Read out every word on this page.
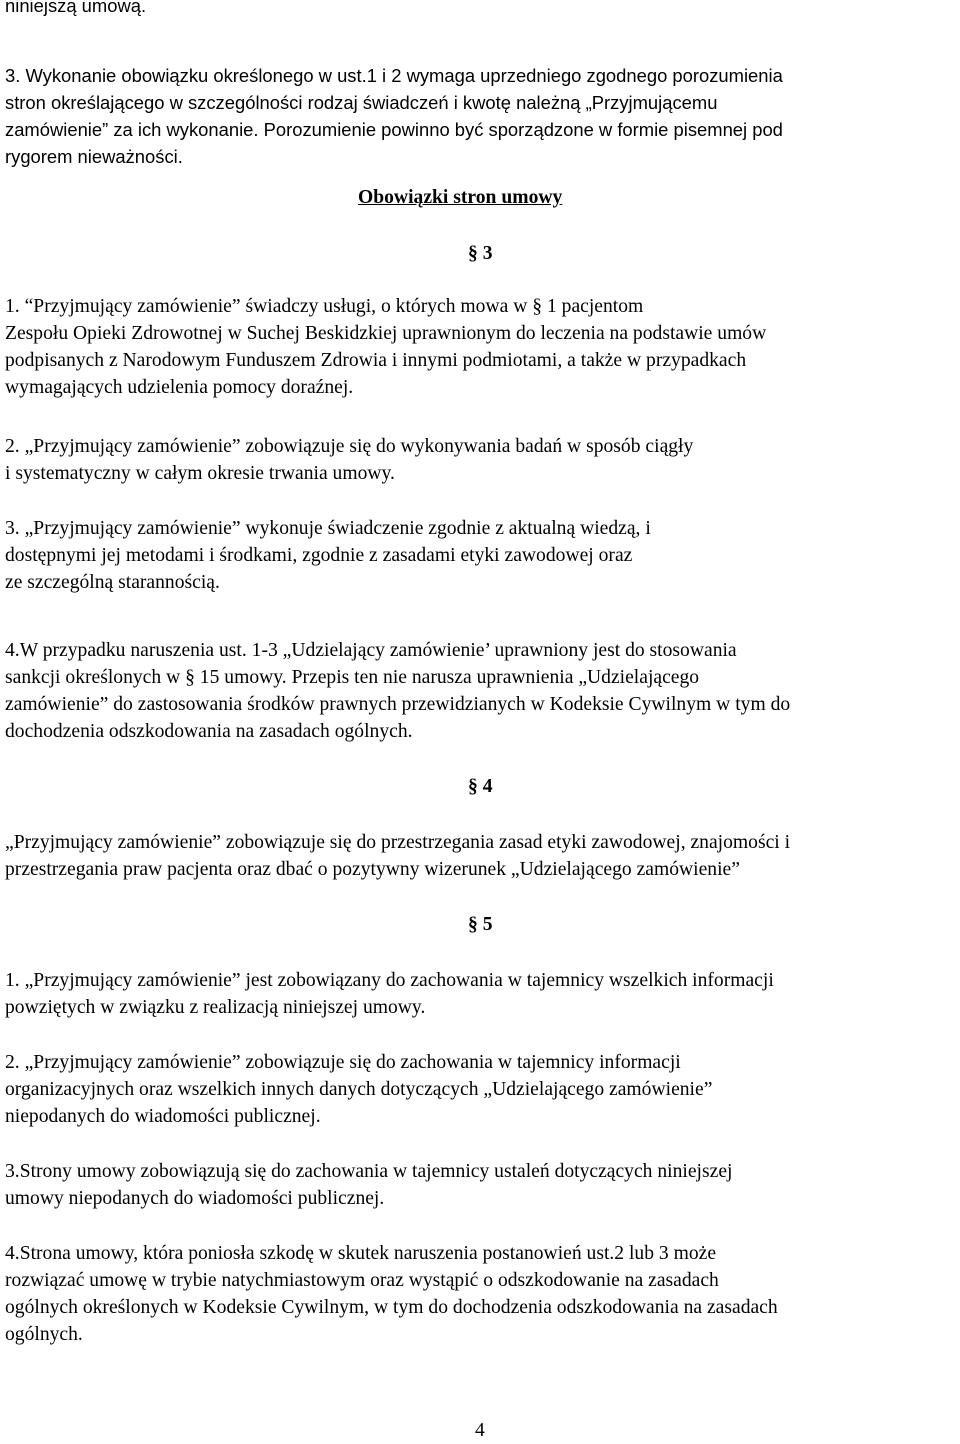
niniejszą umową.
3. Wykonanie obowiązku określonego w ust.1 i 2 wymaga uprzedniego zgodnego porozumienia
stron określającego w szczególności rodzaj świadczeń i kwotę należną „Przyjmującemu
zamówienie” za ich wykonanie. Porozumienie powinno być sporządzone w formie pisemnej pod
rygorem nieważności.
Obowiązki stron umowy
§ 3
1. “Przyjmujący zamówienie” świadczy usługi, o których mowa w § 1 pacjentom
Zespołu Opieki Zdrowotnej w Suchej Beskidzkiej uprawnionym do leczenia na podstawie umów
podpisanych z Narodowym Funduszem Zdrowia i innymi podmiotami, a także w przypadkach
wymagających udzielenia pomocy doraźnej.
2. „Przyjmujący zamówienie” zobowiązuje się do wykonywania badań w sposób ciągły
i systematyczny w całym okresie trwania umowy.
3. „Przyjmujący zamówienie” wykonuje świadczenie zgodnie z aktualną wiedzą, i
dostępnymi jej metodami i środkami, zgodnie z zasadami etyki zawodowej oraz
ze szczególną starannością.
4.W przypadku naruszenia ust. 1-3 „Udzielający zamówienie’ uprawniony jest do stosowania
sankcji określonych w § 15 umowy. Przepis ten nie narusza uprawnienia „Udzielającego
zamówienie” do zastosowania środków prawnych przewidzianych w Kodeksie Cywilnym w tym do
dochodzenia odszkodowania na zasadach ogólnych.
§ 4
„Przyjmujący zamówienie” zobowiązuje się do przestrzegania zasad etyki zawodowej, znajomości i
przestrzegania praw pacjenta oraz dbać o pozytywny wizerunek „Udzielającego zamówienie”
§ 5
1. „Przyjmujący zamówienie” jest zobowiązany do zachowania w tajemnicy wszelkich informacji
powziętych w związku z realizacją niniejszej umowy.
2. „Przyjmujący zamówienie” zobowiązuje się do zachowania w tajemnicy informacji
organizacyjnych oraz wszelkich innych danych dotyczących „Udzielającego zamówienie”
niepodanych do wiadomości publicznej.
3.Strony umowy zobowiązują się do zachowania w tajemnicy ustaleń dotyczących niniejszej
umowy niepodanych do wiadomości publicznej.
4.Strona umowy, która poniosła szkodę w skutek naruszenia postanowień ust.2 lub 3 może
rozwiązać umowę w trybie natychmiastowym oraz wystąpić o odszkodowanie na zasadach
ogólnych określonych w Kodeksie Cywilnym, w tym do dochodzenia odszkodowania na zasadach
ogólnych.
4
